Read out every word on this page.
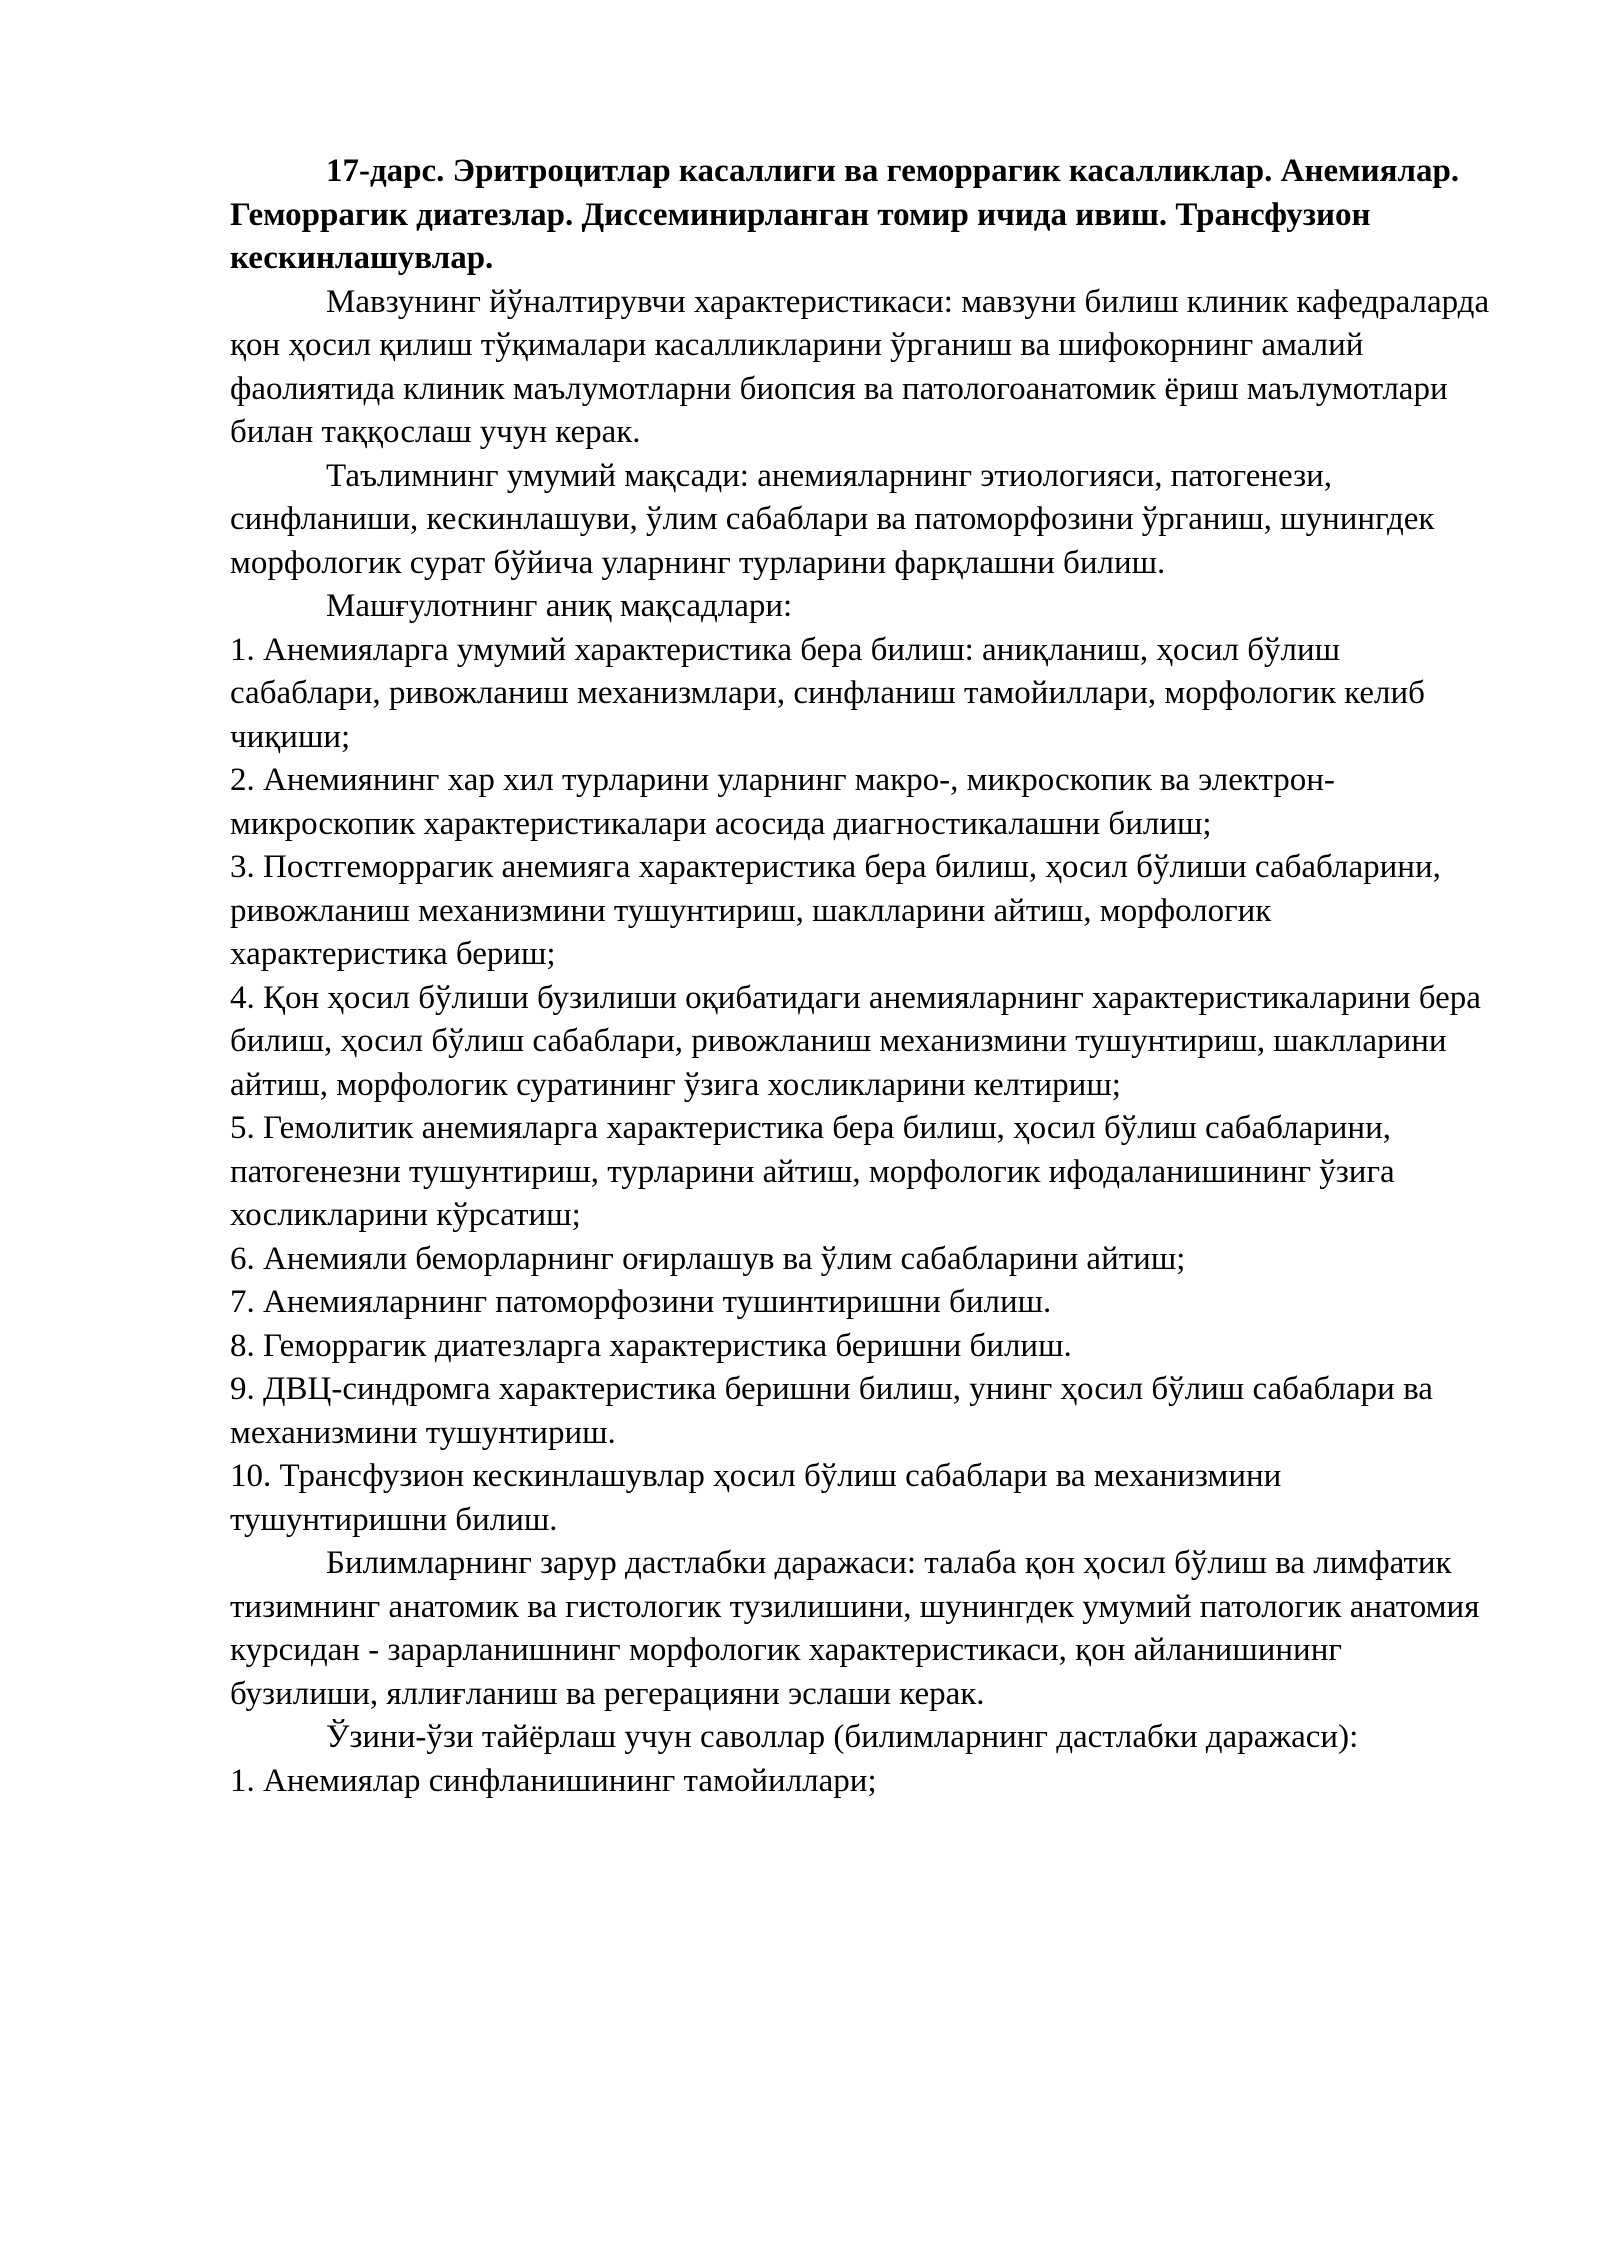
17-дарс. Эритроцитлар касаллиги ва геморрагик касалликлар. Анемиялар. Геморрагик диатезлар. Диссеминирланган томир ичида ивиш. Трансфузион кескинлашувлар.

Мавзунинг йўналтирувчи характеристикаси: мавзуни билиш клиник кафедраларда қон ҳосил қилиш тўқималари касалликларини ўрганиш ва шифокорнинг амалий фаолиятида клиник маълумотларни биопсия ва патологоанатомик ёриш маълумотлари билан таққослаш учун керак.

Таълимнинг умумий мақсади: анемияларнинг этиологияси, патогенези, синфланиши, кескинлашуви, ўлим сабаблари ва патоморфозини ўрганиш, шунингдек морфологик сурат бўйича уларнинг турларини фарқлашни билиш.

Машғулотнинг аниқ мақсадлари:

1. Анемияларга умумий характеристика бера билиш: аниқланиш, ҳосил бўлиш сабаблари, ривожланиш механизмлари, синфланиш тамойиллари, морфологик келиб чиқиши;

2. Анемиянинг хар хил турларини уларнинг макро-, микроскопик ва электрон-микроскопик характеристикалари асосида диагностикалашни билиш;

3. Постгеморрагик анемияга характеристика бера билиш, ҳосил бўлиши сабабларини, ривожланиш механизмини тушунтириш, шаклларини айтиш, морфологик характеристика бериш;

4. Қон ҳосил бўлиши бузилиши оқибатидаги анемияларнинг характеристикаларини бера билиш, ҳосил бўлиш сабаблари, ривожланиш механизмини тушунтириш, шаклларини айтиш, морфологик суратининг ўзига хосликларини келтириш;

5. Гемолитик анемияларга характеристика бера билиш, ҳосил бўлиш сабабларини, патогенезни тушунтириш, турларини айтиш, морфологик ифодаланишининг ўзига хосликларини кўрсатиш;

6. Анемияли беморларнинг оғирлашув ва ўлим сабабларини айтиш;

7. Анемияларнинг патоморфозини тушинтиришни билиш.

8. Геморрагик диатезларга характеристика беришни билиш.

9. ДВЦ-синдромга характеристика беришни билиш, унинг ҳосил бўлиш сабаблари ва механизмини тушунтириш.

10. Трансфузион кескинлашувлар ҳосил бўлиш сабаблари ва механизмини тушунтиришни билиш.

Билимларнинг зарур дастлабки даражаси: талаба қон ҳосил бўлиш ва лимфатик тизимнинг анатомик ва гистологик тузилишини, шунингдек умумий патологик анатомия курсидан - зарарланишнинг морфологик характеристикаси, қон айланишининг бузилиши, яллиғланиш ва регерацияни эслаши керак.

Ўзини-ўзи тайёрлаш учун саволлар (билимларнинг дастлабки даражаси):

1. Анемиялар синфланишининг тамойиллари;
